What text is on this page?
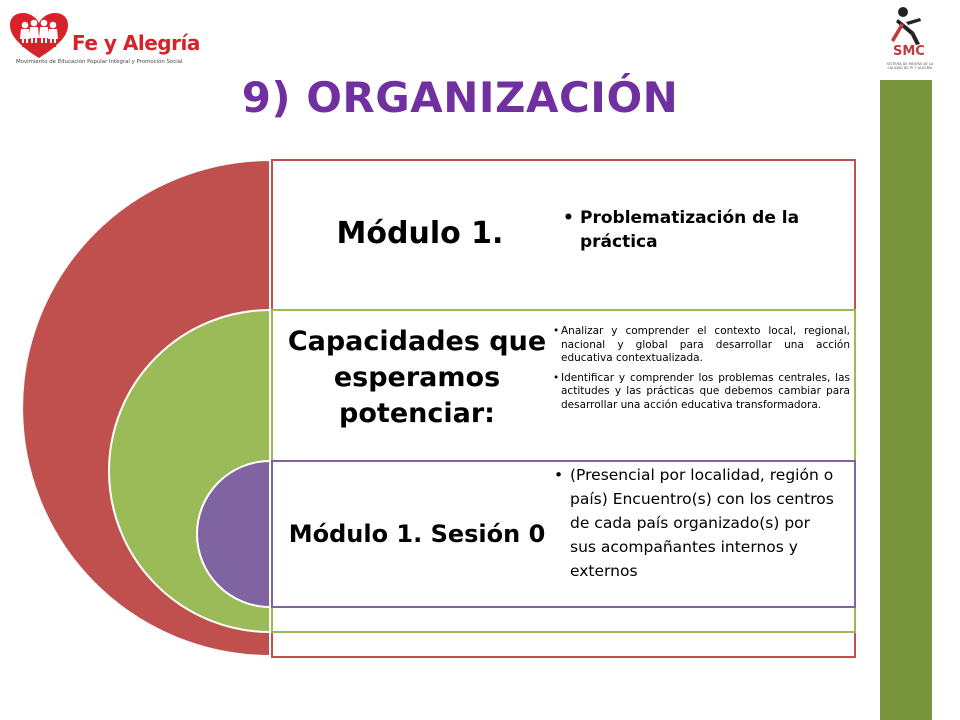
Fe y Alegría
Movimiento de Educación Popular Integral y Promoción Social
SMC
SISTEMA DE MEJORA DE LA CALIDAD DE FE Y ALEGRÍA
9) ORGANIZACIÓN
Módulo 1.
•	Problematización de la práctica
Capacidades que esperamos potenciar:
• Analizar y comprender el contexto local, regional, nacional y global para desarrollar una acción educativa contextualizada.
• Identificar y comprender los problemas centrales, las actitudes y las prácticas que debemos cambiar para desarrollar una acción educativa transformadora.
Módulo 1. Sesión 0
• (Presencial por localidad, región o país) Encuentro(s) con los centros de cada país organizado(s) por sus acompañantes internos y externos
